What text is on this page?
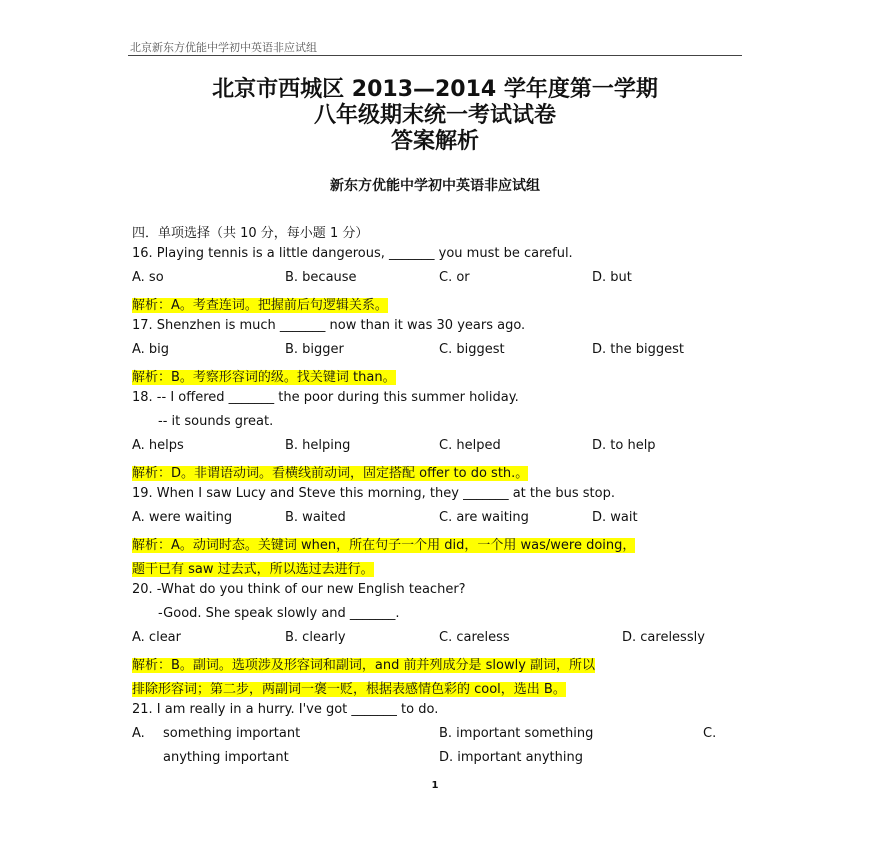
北京新东方优能中学初中英语非应试组
北京市西城区 2013—2014 学年度第一学期
八年级期末统一考试试卷
答案解析
新东方优能中学初中英语非应试组
四．单项选择（共 10 分，每小题 1 分）
16. Playing tennis is a little dangerous, _______ you must be careful.
A. so	B. because	C. or	D. but
解析：A。考查连词。把握前后句逻辑关系。
17. Shenzhen is much _______ now than it was 30 years ago.
A. big	B. bigger	C. biggest	D. the biggest
解析：B。考察形容词的级。找关键词 than。
18. -- I offered _______ the poor during this summer holiday.
-- it sounds great.
A. helps	B. helping	C. helped	D. to help
解析：D。非谓语动词。看横线前动词，固定搭配 offer to do sth.。
19. When I saw Lucy and Steve this morning, they _______ at the bus stop.
A. were waiting	B. waited	C. are waiting	D. wait
解析：A。动词时态。关键词 when，所在句子一个用 did，一个用 was/were doing，
题干已有 saw 过去式，所以选过去进行。
20. -What do you think of our new English teacher?
-Good. She speak slowly and _______.
A. clear	B. clearly	C. careless	D. carelessly
解析：B。副词。选项涉及形容词和副词，and 前并列成分是 slowly 副词，所以
排除形容词；第二步，两副词一褒一贬，根据表感情色彩的 cool，选出 B。
21. I am really in a hurry. I've got _______ to do.
A. something important	B. important something	C.
anything important	D. important anything
1
